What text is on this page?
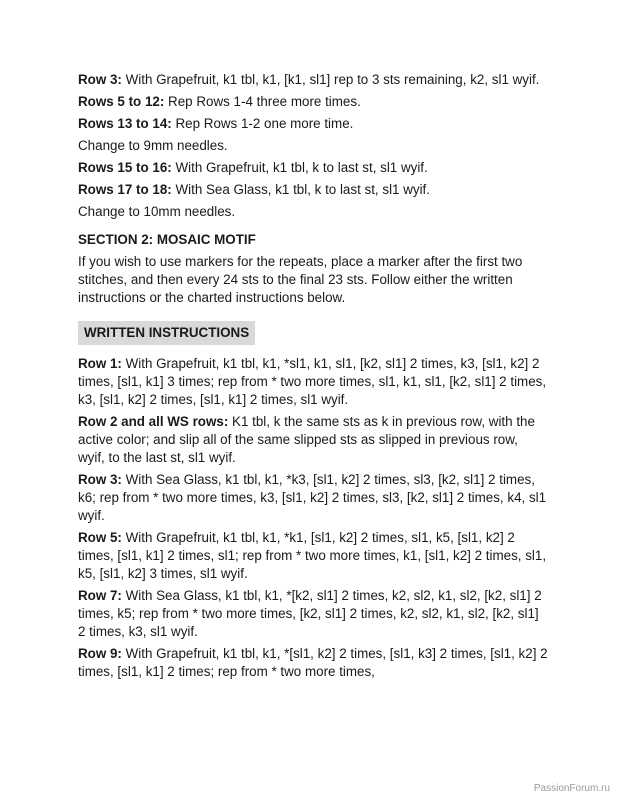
Row 3: With Grapefruit, k1 tbl, k1, [k1, sl1] rep to 3 sts remaining, k2, sl1 wyif.

Rows 5 to 12: Rep Rows 1-4 three more times.

Rows 13 to 14: Rep Rows 1-2 one more time.

Change to 9mm needles.

Rows 15 to 16: With Grapefruit, k1 tbl, k to last st, sl1 wyif.

Rows 17 to 18: With Sea Glass, k1 tbl, k to last st, sl1 wyif.

Change to 10mm needles.

SECTION 2: MOSAIC MOTIF

If you wish to use markers for the repeats, place a marker after the first two stitches, and then every 24 sts to the final 23 sts. Follow either the written instructions or the charted instructions below.

WRITTEN INSTRUCTIONS

Row 1: With Grapefruit, k1 tbl, k1, *sl1, k1, sl1, [k2, sl1] 2 times, k3, [sl1, k2] 2 times, [sl1, k1] 3 times; rep from * two more times, sl1, k1, sl1, [k2, sl1] 2 times, k3, [sl1, k2] 2 times, [sl1, k1] 2 times, sl1 wyif.

Row 2 and all WS rows: K1 tbl, k the same sts as k in previous row, with the active color; and slip all of the same slipped sts as slipped in previous row, wyif, to the last st, sl1 wyif.

Row 3: With Sea Glass, k1 tbl, k1, *k3, [sl1, k2] 2 times, sl3, [k2, sl1] 2 times, k6; rep from * two more times, k3, [sl1, k2] 2 times, sl3, [k2, sl1] 2 times, k4, sl1 wyif.

Row 5: With Grapefruit, k1 tbl, k1, *k1, [sl1, k2] 2 times, sl1, k5, [sl1, k2] 2 times, [sl1, k1] 2 times, sl1; rep from * two more times, k1, [sl1, k2] 2 times, sl1, k5, [sl1, k2] 3 times, sl1 wyif.

Row 7: With Sea Glass, k1 tbl, k1, *[k2, sl1] 2 times, k2, sl2, k1, sl2, [k2, sl1] 2 times, k5; rep from * two more times, [k2, sl1] 2 times, k2, sl2, k1, sl2, [k2, sl1] 2 times, k3, sl1 wyif.

Row 9: With Grapefruit, k1 tbl, k1, *[sl1, k2] 2 times, [sl1, k3] 2 times, [sl1, k2] 2 times, [sl1, k1] 2 times; rep from * two more times,

PassionForum.ru
